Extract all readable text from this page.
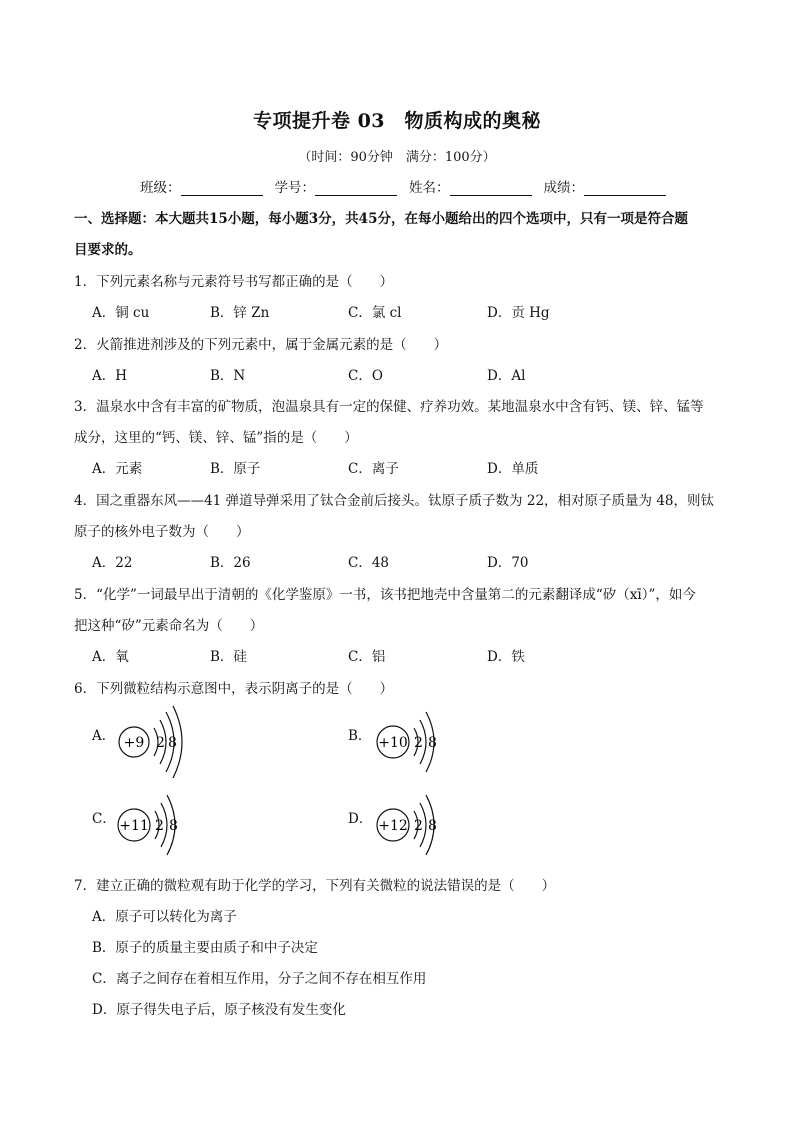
专项提升卷 03　物质构成的奥秘
（时间：90分钟　满分：100分）
班级：	学号：	姓名：	成绩：
一、选择题：本大题共15小题，每小题3分，共45分，在每小题给出的四个选项中，只有一项是符合题
目要求的。
1．下列元素名称与元素符号书写都正确的是（　　）
A．铜 cu	B．锌 Zn	C．氯 cl	D．贡 Hg
2．火箭推进剂涉及的下列元素中，属于金属元素的是（　　）
A．H	B．N	C．O	D．Al
3．温泉水中含有丰富的矿物质，泡温泉具有一定的保健、疗养功效。某地温泉水中含有钙、镁、锌、锰等
成分，这里的“钙、镁、锌、锰”指的是（　　）
A．元素	B．原子	C．离子	D．单质
4．国之重器东风——41 弹道导弹采用了钛合金前后接头。钛原子质子数为 22，相对原子质量为 48，则钛
原子的核外电子数为（　　）
A．22	B．26	C．48	D．70
5．“化学”一词最早出于清朝的《化学鉴原》一书，该书把地壳中含量第二的元素翻译成“矽（xī）”，如今
把这种“矽”元素命名为（　　）
A．氧	B．硅	C．铝	D．铁
6．下列微粒结构示意图中，表示阴离子的是（　　）
A． +9 2 8	B． +10 2 8
C． +11 2 8	D． +12 2 8
7．建立正确的微粒观有助于化学的学习，下列有关微粒的说法错误的是（　　）
A．原子可以转化为离子
B．原子的质量主要由质子和中子决定
C．离子之间存在着相互作用，分子之间不存在相互作用
D．原子得失电子后，原子核没有发生变化
